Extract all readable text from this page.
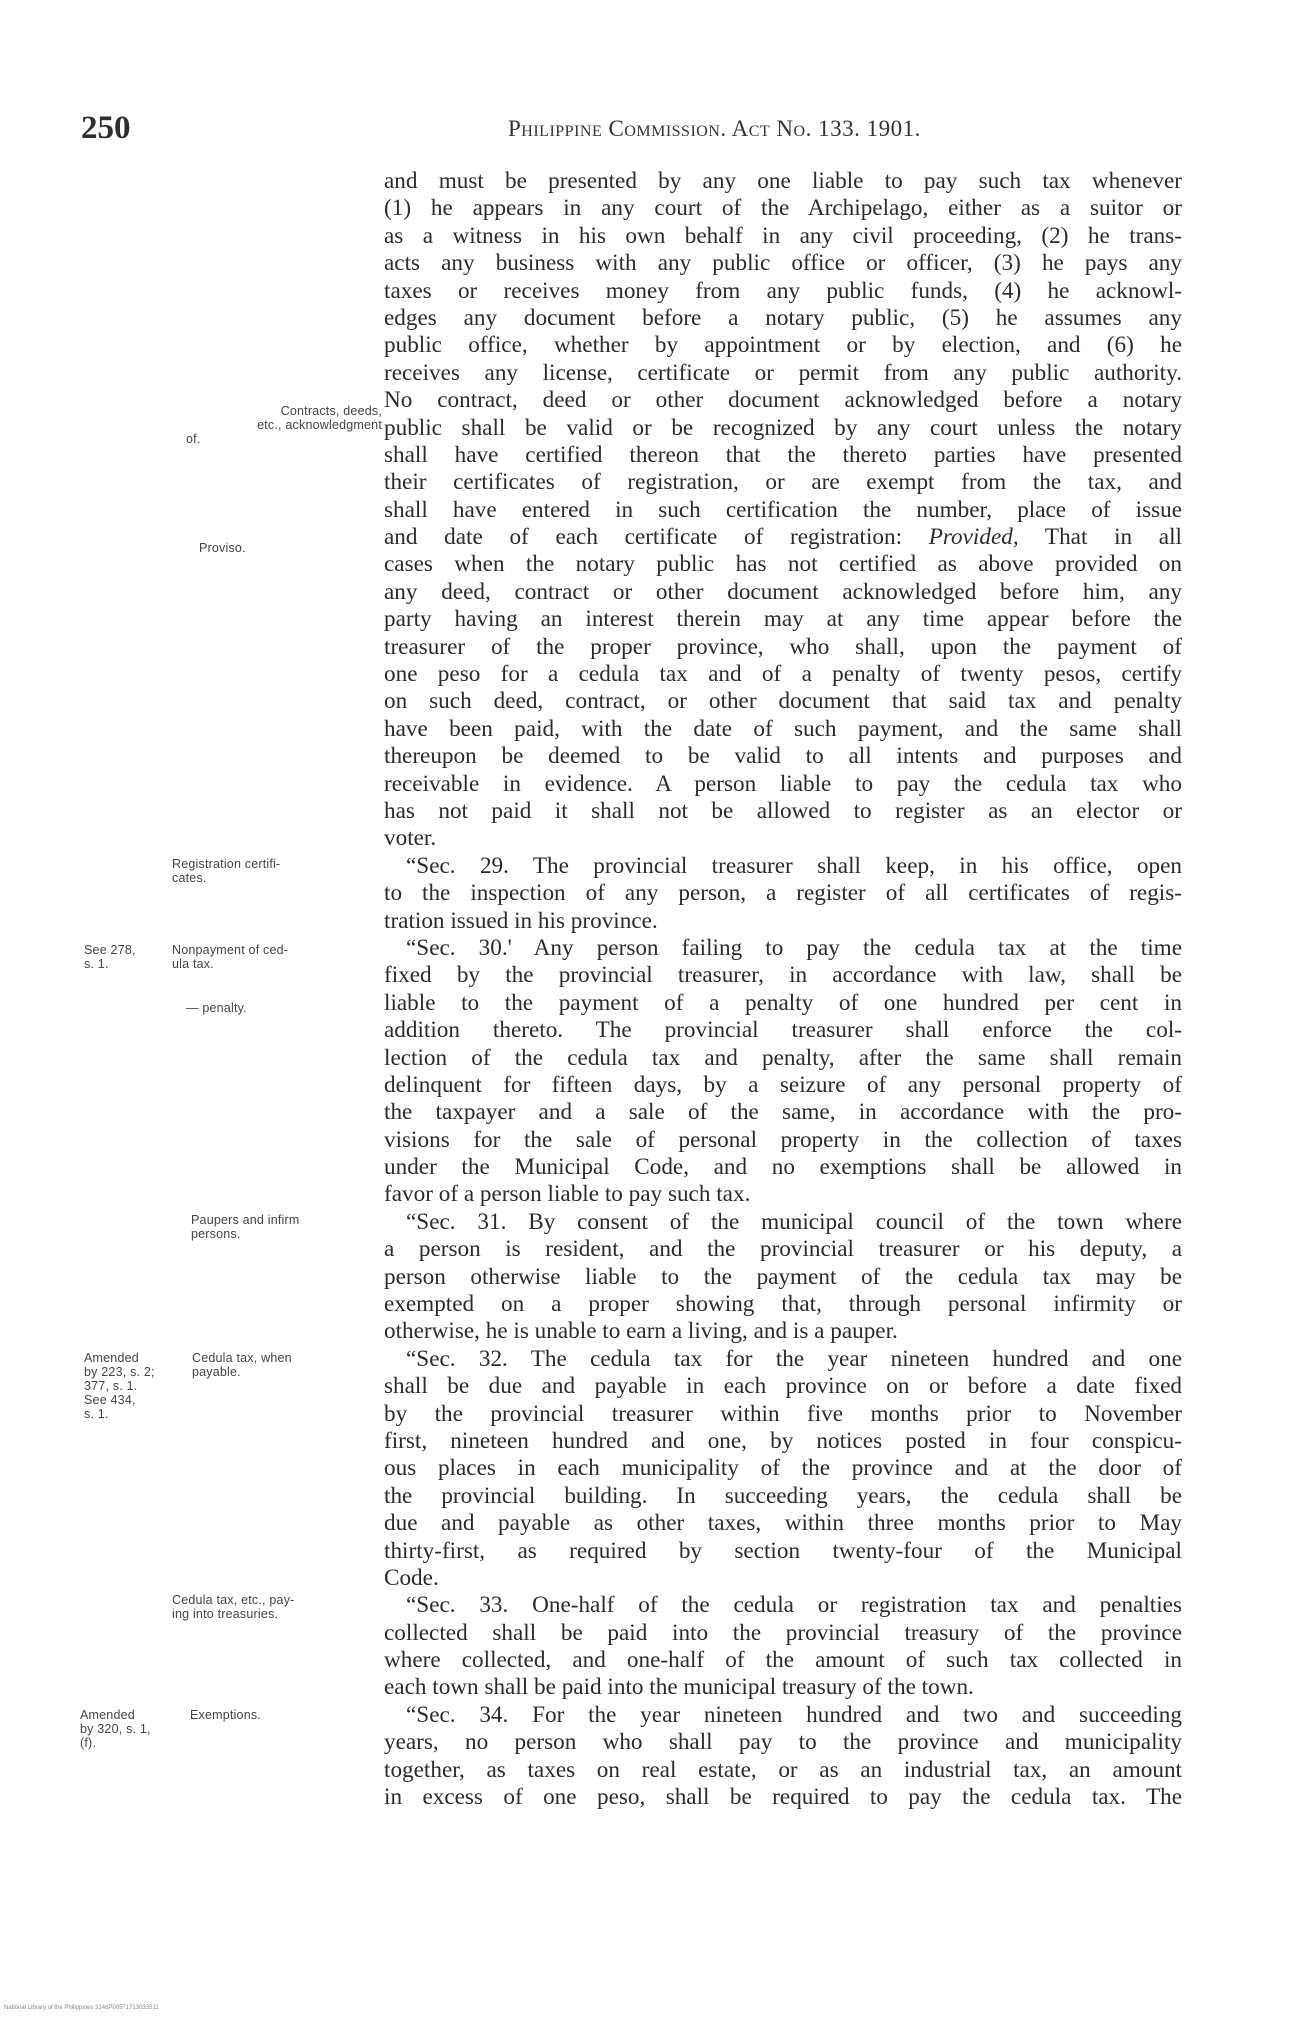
250	Philippine Commission. Act No. 133. 1901.
and must be presented by any one liable to pay such tax whenever
(1) he appears in any court of the Archipelago, either as a suitor or
as a witness in his own behalf in any civil proceeding, (2) he trans-
acts any business with any public office or officer, (3) he pays any
taxes or receives money from any public funds, (4) he acknowl-
edges any document before a notary public, (5) he assumes any
public office, whether by appointment or by election, and (6) he
receives any license, certificate or permit from any public authority.
No contract, deed or other document acknowledged before a notary
public shall be valid or be recognized by any court unless the notary
shall have certified thereon that the thereto parties have presented
their certificates of registration, or are exempt from the tax, and
shall have entered in such certification the number, place of issue
and date of each certificate of registration: Provided, That in all
cases when the notary public has not certified as above provided on
any deed, contract or other document acknowledged before him, any
party having an interest therein may at any time appear before the
treasurer of the proper province, who shall, upon the payment of
one peso for a cedula tax and of a penalty of twenty pesos, certify
on such deed, contract, or other document that said tax and penalty
have been paid, with the date of such payment, and the same shall
thereupon be deemed to be valid to all intents and purposes and
receivable in evidence. A person liable to pay the cedula tax who
has not paid it shall not be allowed to register as an elector or
voter.
“Sec. 29. The provincial treasurer shall keep, in his office, open
to the inspection of any person, a register of all certificates of regis-
tration issued in his province.
“Sec. 30.' Any person failing to pay the cedula tax at the time
fixed by the provincial treasurer, in accordance with law, shall be
liable to the payment of a penalty of one hundred per cent in
addition thereto. The provincial treasurer shall enforce the col-
lection of the cedula tax and penalty, after the same shall remain
delinquent for fifteen days, by a seizure of any personal property of
the taxpayer and a sale of the same, in accordance with the pro-
visions for the sale of personal property in the collection of taxes
under the Municipal Code, and no exemptions shall be allowed in
favor of a person liable to pay such tax.
“Sec. 31. By consent of the municipal council of the town where
a person is resident, and the provincial treasurer or his deputy, a
person otherwise liable to the payment of the cedula tax may be
exempted on a proper showing that, through personal infirmity or
otherwise, he is unable to earn a living, and is a pauper.
“Sec. 32. The cedula tax for the year nineteen hundred and one
shall be due and payable in each province on or before a date fixed
by the provincial treasurer within five months prior to November
first, nineteen hundred and one, by notices posted in four conspicu-
ous places in each municipality of the province and at the door of
the provincial building. In succeeding years, the cedula shall be
due and payable as other taxes, within three months prior to May
thirty-first, as required by section twenty-four of the Municipal
Code.
“Sec. 33. One-half of the cedula or registration tax and penalties
collected shall be paid into the provincial treasury of the province
where collected, and one-half of the amount of such tax collected in
each town shall be paid into the municipal treasury of the town.
“Sec. 34. For the year nineteen hundred and two and succeeding
years, no person who shall pay to the province and municipality
together, as taxes on real estate, or as an industrial tax, an amount
in excess of one peso, shall be required to pay the cedula tax. The
Contracts, deeds,
etc., acknowledgment
of.
Proviso.
Registration certifi-
cates.
See 278,
s. 1.
Nonpayment of ced-
ula tax.
— penalty.
Paupers and infirm
persons.
Amended
by 223, s. 2;
377, s. 1.
See 434,
s. 1.
Cedula tax, when
payable.
Cedula tax, etc., pay-
ing into treasuries.
Amended
by 320, s. 1,
(f).
Exemptions.
National Library of the Philippines 3146P00571713033511
